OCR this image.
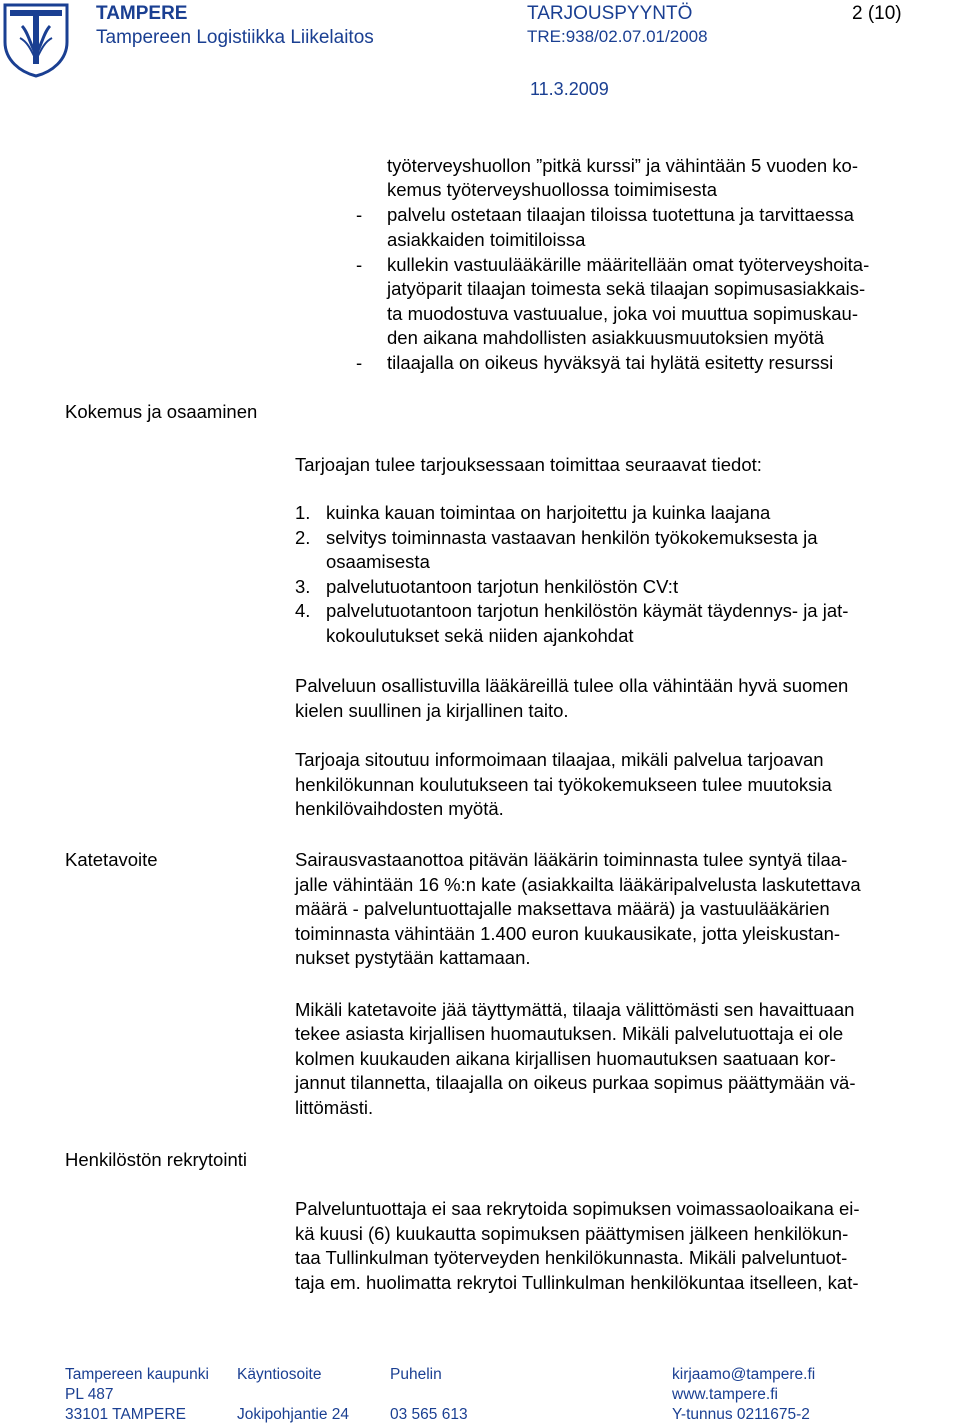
TAMPERE
Tampereen Logistiikka Liikelaitos
TARJOUSPYYNTÖ
TRE:938/02.07.01/2008
11.3.2009
2 (10)
työterveyshuollon ”pitkä kurssi” ja vähintään 5 vuoden ko-
kemus työterveyshuollossa toimimisesta
- palvelu ostetaan tilaajan tiloissa tuotettuna ja tarvittaessa
asiakkaiden toimitiloissa
- kullekin vastuulääkärille määritellään omat työterveyshoita-
jatyöparit tilaajan toimesta sekä tilaajan sopimusasiakkais-
ta muodostuva vastuualue, joka voi muuttua sopimuskau-
den aikana mahdollisten asiakkuusmuutoksien myötä
- tilaajalla on oikeus hyväksyä tai hylätä esitetty resurssi
Kokemus ja osaaminen
Katetavoite
Henkilöstön rekrytointi
Tarjoajan tulee tarjouksessaan toimittaa seuraavat tiedot:
1. kuinka kauan toimintaa on harjoitettu ja kuinka laajana
2. selvitys toiminnasta vastaavan henkilön työkokemuksesta ja
osaamisesta
3. palvelutuotantoon tarjotun henkilöstön CV:t
4. palvelutuotantoon tarjotun henkilöstön käymät täydennys- ja jat-
kokoulutukset sekä niiden ajankohdat
Palveluun osallistuvilla lääkäreillä tulee olla vähintään hyvä suomen
kielen suullinen ja kirjallinen taito.
Tarjoaja sitoutuu informoimaan tilaajaa, mikäli palvelua tarjoavan
henkilökunnan koulutukseen tai työkokemukseen tulee muutoksia
henkilövaihdosten myötä.
Sairausvastaanottoa pitävän lääkärin toiminnasta tulee syntyä tilaa-
jalle vähintään 16 %:n kate (asiakkailta lääkäripalvelusta laskutettava
määrä - palveluntuottajalle maksettava määrä) ja vastuulääkärien
toiminnasta vähintään 1.400 euron kuukausikate, jotta yleiskustan-
nukset pystytään kattamaan.
Mikäli katetavoite jää täyttymättä, tilaaja välittömästi sen havaittuaan
tekee asiasta kirjallisen huomautuksen. Mikäli palvelutuottaja ei ole
kolmen kuukauden aikana kirjallisen huomautuksen saatuaan kor-
jannut tilannetta, tilaajalla on oikeus purkaa sopimus päättymään vä-
littömästi.
Palveluntuottaja ei saa rekrytoida sopimuksen voimassaoloaikana ei-
kä kuusi (6) kuukautta sopimuksen päättymisen jälkeen henkilökun-
taa Tullinkulman työterveyden henkilökunnasta. Mikäli palveluntuot-
taja em. huolimatta rekrytoi Tullinkulman henkilökuntaa itselleen, kat-
Tampereen kaupunki
PL 487
33101 TAMPERE
Käyntiosoite
Jokipohjantie 24
Puhelin
03 565 613
kirjaamo@tampere.fi
www.tampere.fi
Y-tunnus 0211675-2
